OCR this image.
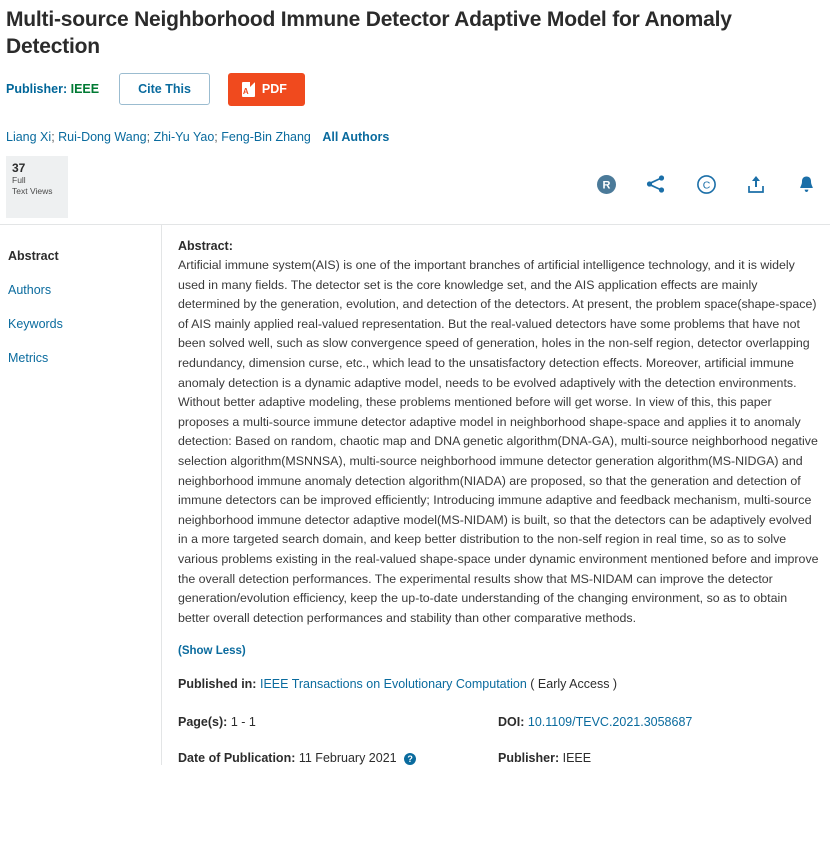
Multi-source Neighborhood Immune Detector Adaptive Model for Anomaly Detection
Publisher: IEEE	Cite This	A PDF
Liang Xi; Rui-Dong Wang; Zhi-Yu Yao; Feng-Bin Zhang All Authors
37
Full
Text Views	R	C
Abstract
Authors
Keywords
Metrics
Abstract:
Artificial immune system(AIS) is one of the important branches of artificial intelligence technology, and it is widely used in many fields. The detector set is the core knowledge set, and the AIS application effects are mainly determined by the generation, evolution, and detection of the detectors. At present, the problem space(shape-space) of AIS mainly applied real-valued representation. But the real-valued detectors have some problems that have not been solved well, such as slow convergence speed of generation, holes in the non-self region, detector overlapping redundancy, dimension curse, etc., which lead to the unsatisfactory detection effects. Moreover, artificial immune anomaly detection is a dynamic adaptive model, needs to be evolved adaptively with the detection environments. Without better adaptive modeling, these problems mentioned before will get worse. In view of this, this paper proposes a multi-source immune detector adaptive model in neighborhood shape-space and applies it to anomaly detection: Based on random, chaotic map and DNA genetic algorithm(DNA-GA), multi-source neighborhood negative selection algorithm(MSNNSA), multi-source neighborhood immune detector generation algorithm(MS-NIDGA) and neighborhood immune anomaly detection algorithm(NIADA) are proposed, so that the generation and detection of immune detectors can be improved efficiently; Introducing immune adaptive and feedback mechanism, multi-source neighborhood immune detector adaptive model(MS-NIDAM) is built, so that the detectors can be adaptively evolved in a more targeted search domain, and keep better distribution to the non-self region in real time, so as to solve various problems existing in the real-valued shape-space under dynamic environment mentioned before and improve the overall detection performances. The experimental results show that MS-NIDAM can improve the detector generation/evolution efficiency, keep the up-to-date understanding of the changing environment, so as to obtain better overall detection performances and stability than other comparative methods.
(Show Less)
Published in: IEEE Transactions on Evolutionary Computation ( Early Access )
Page(s): 1 - 1	DOI: 10.1109/TEVC.2021.3058687
Date of Publication: 11 February 2021 ?	Publisher: IEEE
